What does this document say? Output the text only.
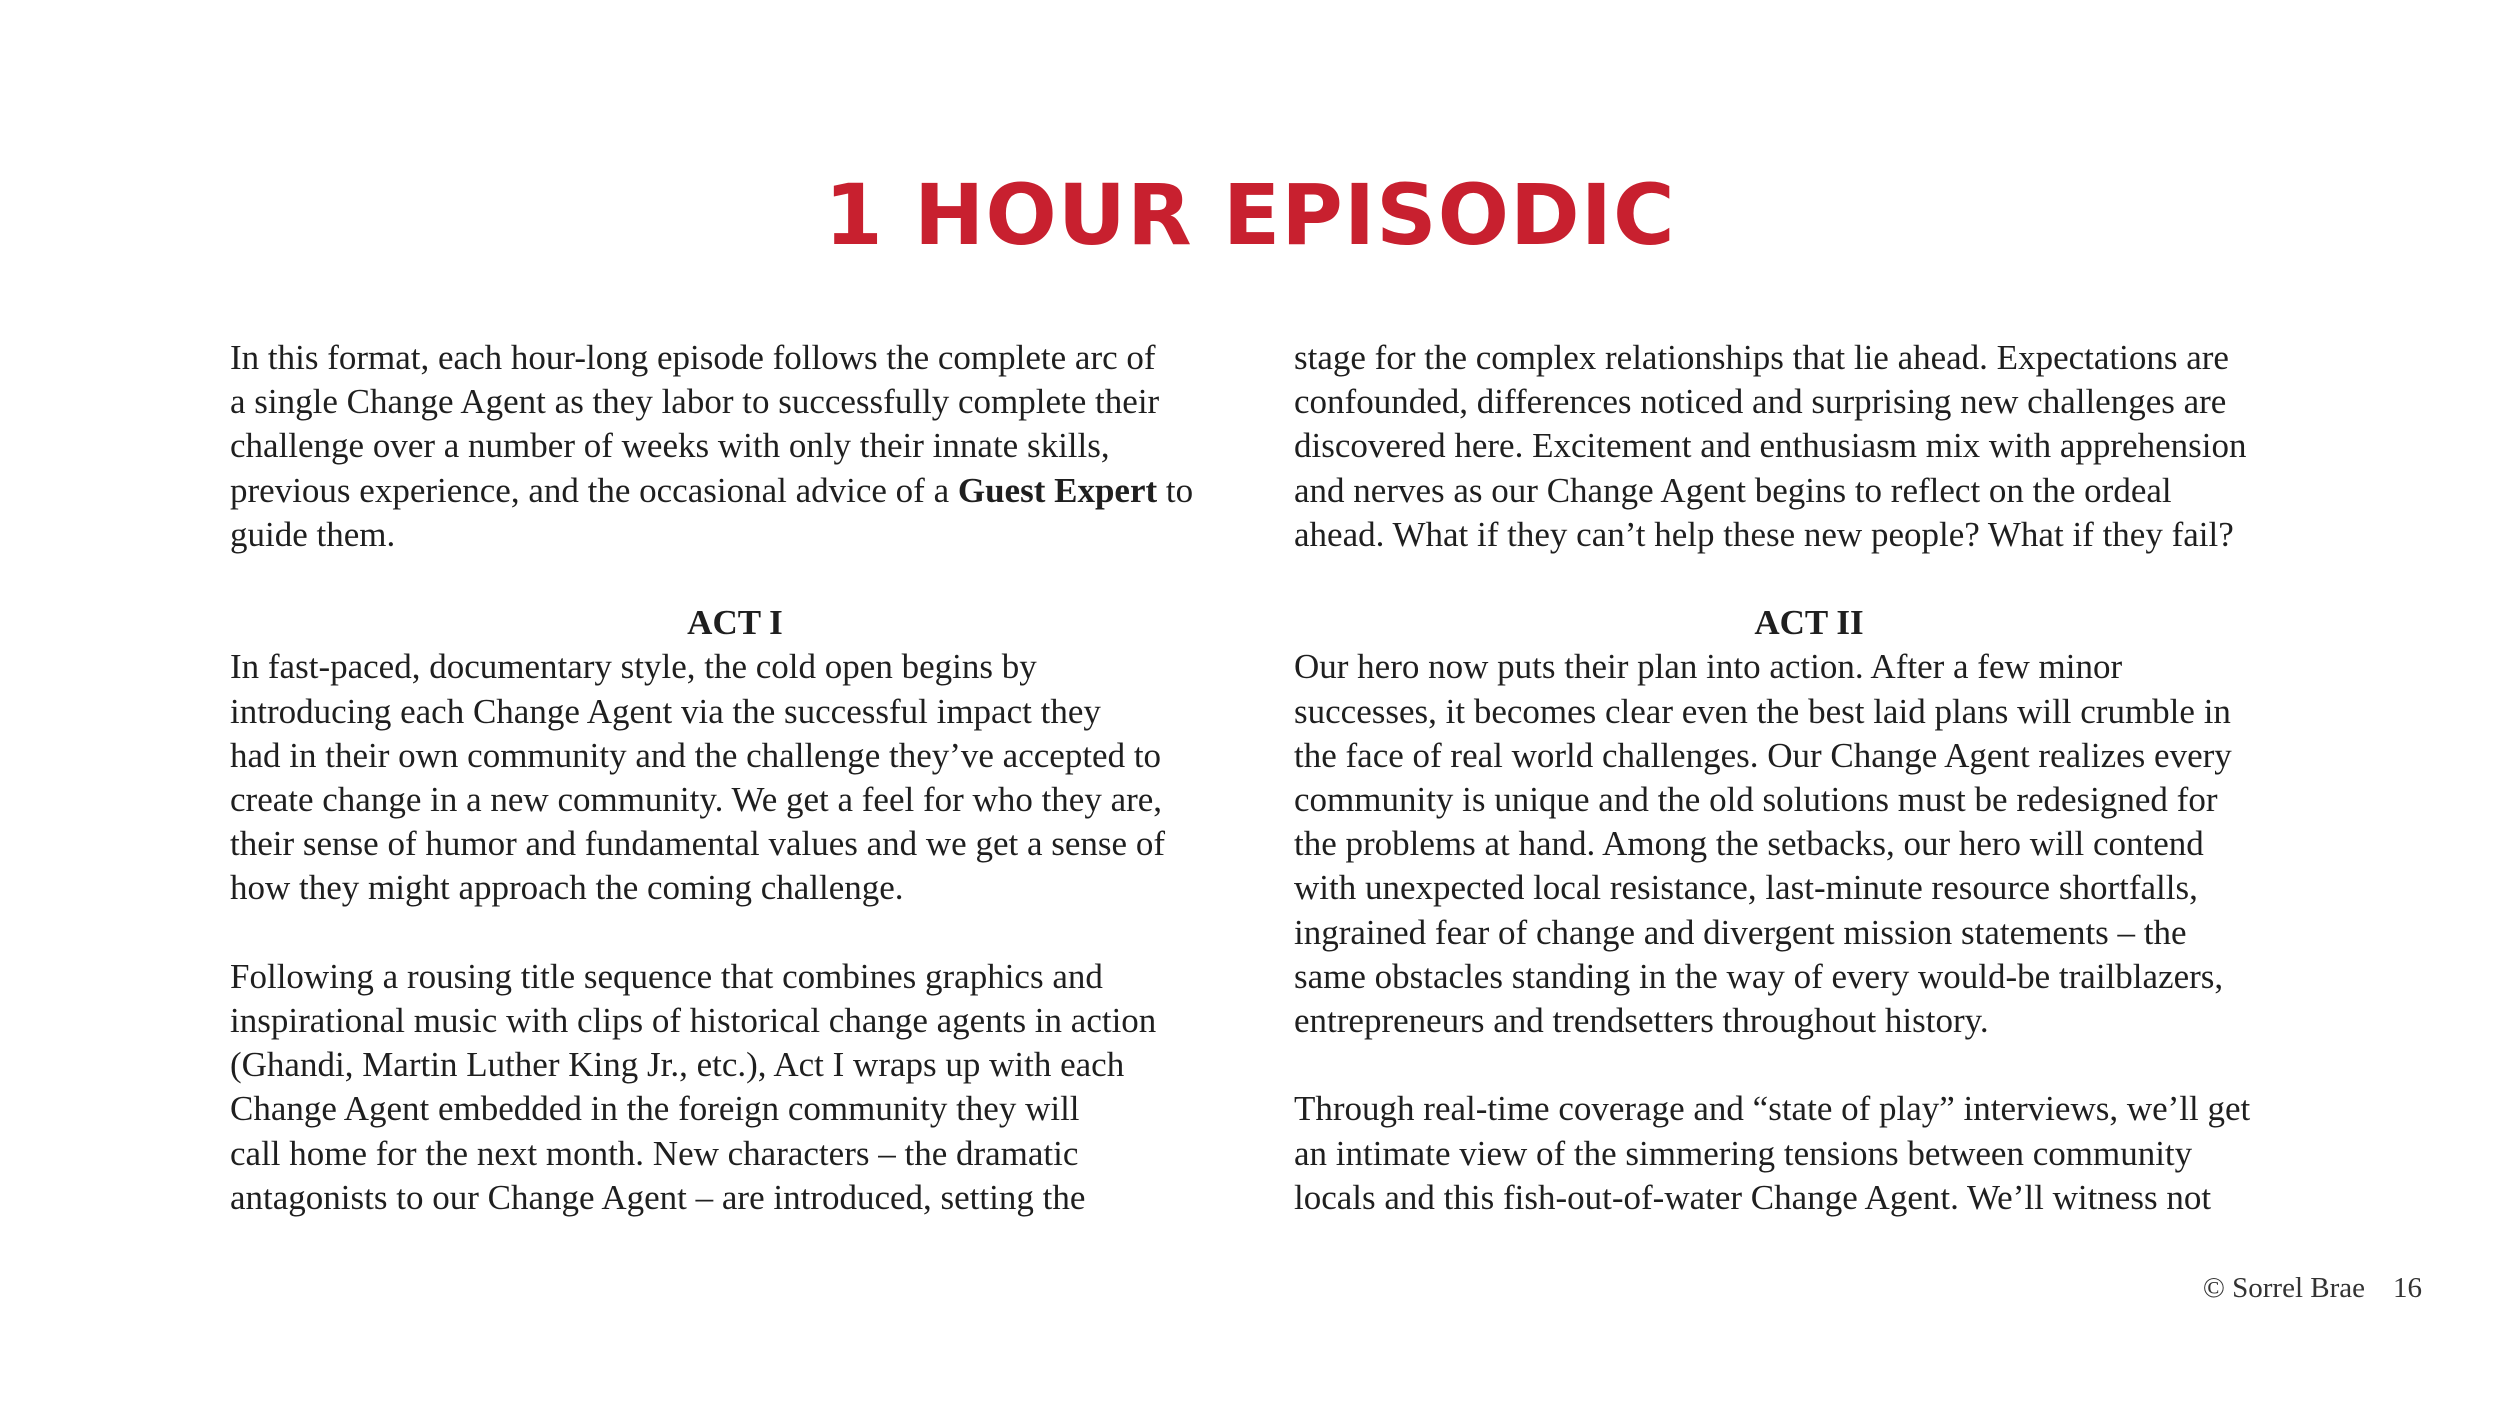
1 HOUR EPISODIC

In this format, each hour-long episode follows the complete arc of
a single Change Agent as they labor to successfully complete their
challenge over a number of weeks with only their innate skills,
previous experience, and the occasional advice of a Guest Expert to
guide them.

ACT I

In fast-paced, documentary style, the cold open begins by
introducing each Change Agent via the successful impact they
had in their own community and the challenge they’ve accepted to
create change in a new community. We get a feel for who they are,
their sense of humor and fundamental values and we get a sense of
how they might approach the coming challenge.

Following a rousing title sequence that combines graphics and
inspirational music with clips of historical change agents in action
(Ghandi, Martin Luther King Jr., etc.), Act I wraps up with each
Change Agent embedded in the foreign community they will
call home for the next month. New characters – the dramatic
antagonists to our Change Agent – are introduced, setting the

stage for the complex relationships that lie ahead. Expectations are
confounded, differences noticed and surprising new challenges are
discovered here. Excitement and enthusiasm mix with apprehension
and nerves as our Change Agent begins to reflect on the ordeal
ahead. What if they can’t help these new people? What if they fail?

ACT II

Our hero now puts their plan into action. After a few minor
successes, it becomes clear even the best laid plans will crumble in
the face of real world challenges. Our Change Agent realizes every
community is unique and the old solutions must be redesigned for
the problems at hand. Among the setbacks, our hero will contend
with unexpected local resistance, last-minute resource shortfalls,
ingrained fear of change and divergent mission statements – the
same obstacles standing in the way of every would-be trailblazers,
entrepreneurs and trendsetters throughout history.

Through real-time coverage and “state of play” interviews, we’ll get
an intimate view of the simmering tensions between community
locals and this fish-out-of-water Change Agent. We’ll witness not

© Sorrel Brae 16
